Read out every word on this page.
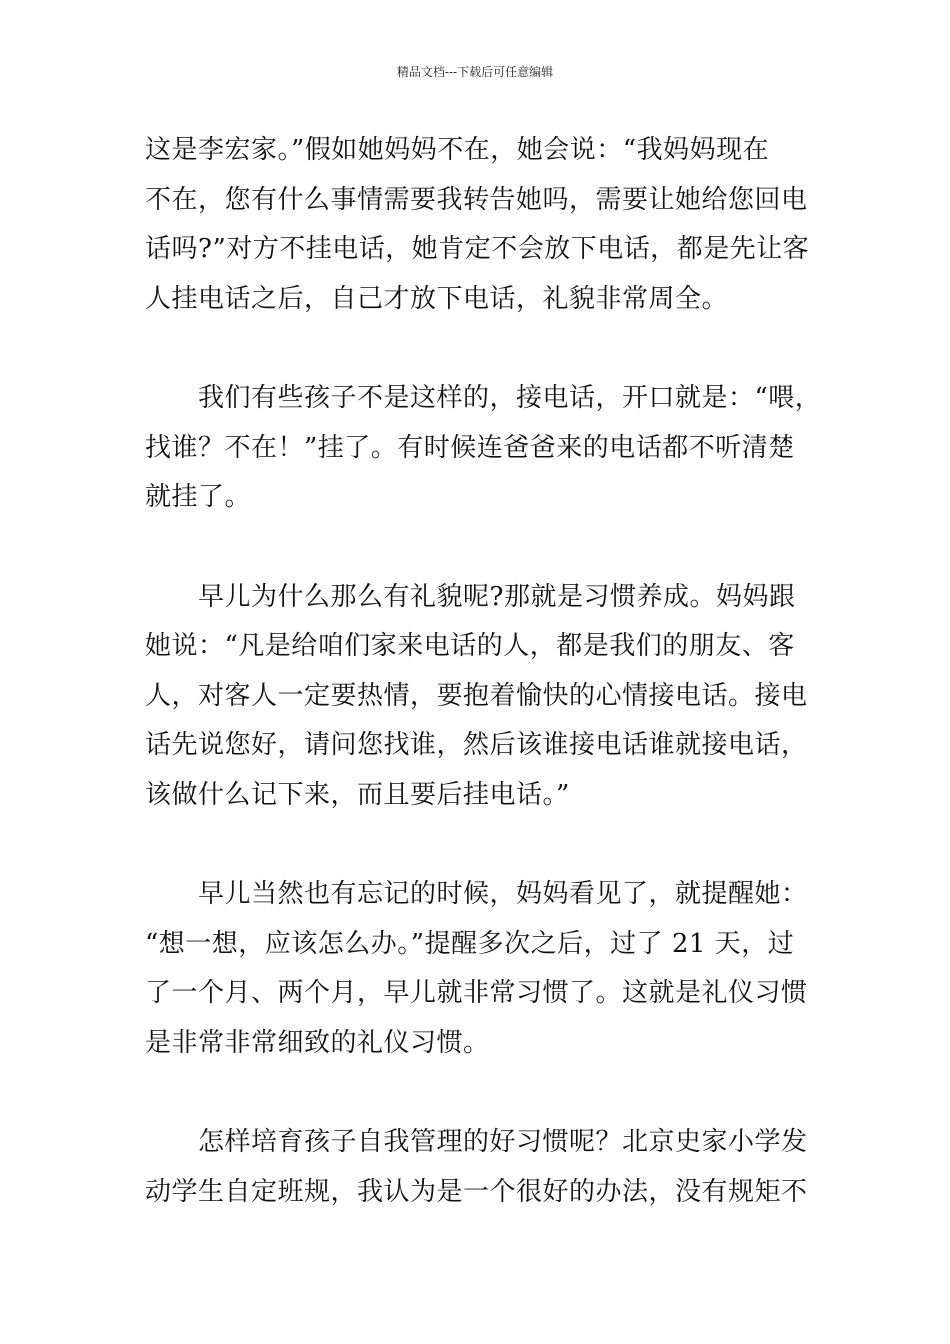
精品文档---下载后可任意编辑

这是李宏家。”假如她妈妈不在，她会说：“我妈妈现在
不在，您有什么事情需要我转告她吗，需要让她给您回电
话吗?”对方不挂电话，她肯定不会放下电话，都是先让客
人挂电话之后，自己才放下电话，礼貌非常周全。

　　我们有些孩子不是这样的，接电话，开口就是：“喂，
找谁？不在！”挂了。有时候连爸爸来的电话都不听清楚
就挂了。

　　早儿为什么那么有礼貌呢?那就是习惯养成。妈妈跟
她说：“凡是给咱们家来电话的人，都是我们的朋友、客
人，对客人一定要热情，要抱着愉快的心情接电话。接电
话先说您好，请问您找谁，然后该谁接电话谁就接电话，
该做什么记下来，而且要后挂电话。”

　　早儿当然也有忘记的时候，妈妈看见了，就提醒她：
“想一想，应该怎么办。”提醒多次之后，过了 21 天，过
了一个月、两个月，早儿就非常习惯了。这就是礼仪习惯
是非常非常细致的礼仪习惯。

　　怎样培育孩子自我管理的好习惯呢？北京史家小学发
动学生自定班规，我认为是一个很好的办法，没有规矩不
